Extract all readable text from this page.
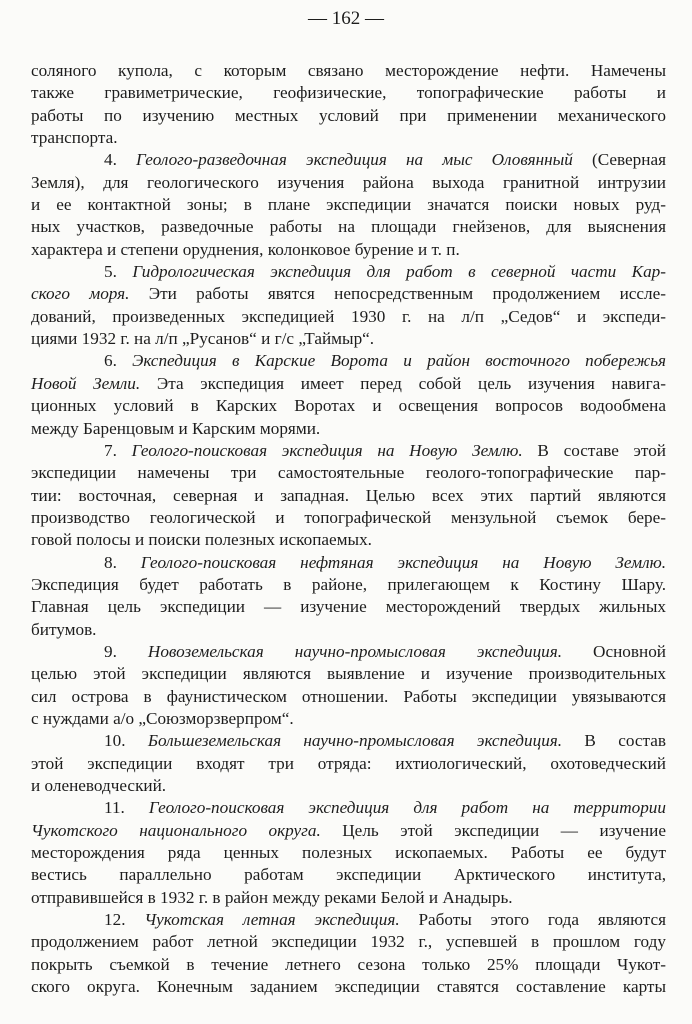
— 162 —
соляного купола, с которым связано месторождение нефти. Намечены
также гравиметрические, геофизические, топографические работы и
работы по изучению местных условий при применении механического
транспорта.
4. Геолого-разведочная экспедиция на мыс Оловянный (Северная
Земля), для геологического изучения района выхода гранитной интрузии
и ее контактной зоны; в плане экспедиции значатся поиски новых руд-
ных участков, разведочные работы на площади гнейзенов, для выяснения
характера и степени оруднения, колонковое бурение и т. п.
5. Гидрологическая экспедиция для работ в северной части Кар-
ского моря. Эти работы явятся непосредственным продолжением иссле-
дований, произведенных экспедицией 1930 г. на л/п „Седов“ и экспеди-
циями 1932 г. на л/п „Русанов“ и г/с „Таймыр“.
6. Экспедиция в Карские Ворота и район восточного побережья
Новой Земли. Эта экспедиция имеет перед собой цель изучения навига-
ционных условий в Карских Воротах и освещения вопросов водообмена
между Баренцовым и Карским морями.
7. Геолого-поисковая экспедиция на Новую Землю. В составе этой
экспедиции намечены три самостоятельные геолого-топографические пар-
тии: восточная, северная и западная. Целью всех этих партий являются
производство геологической и топографической мензульной съемок бере-
говой полосы и поиски полезных ископаемых.
8. Геолого-поисковая нефтяная экспедиция на Новую Землю.
Экспедиция будет работать в районе, прилегающем к Костину Шару.
Главная цель экспедиции — изучение месторождений твердых жильных
битумов.
9. Новоземельская научно-промысловая экспедиция. Основной
целью этой экспедиции являются выявление и изучение производительных
сил острова в фаунистическом отношении. Работы экспедиции увязываются
с нуждами а/о „Союзморзверпром“.
10. Большеземельская научно-промысловая экспедиция. В состав
этой экспедиции входят три отряда: ихтиологический, охотоведческий
и оленеводческий.
11. Геолого-поисковая экспедиция для работ на территории
Чукотского национального округа. Цель этой экспедиции — изучение
месторождения ряда ценных полезных ископаемых. Работы ее будут
вестись параллельно работам экспедиции Арктического института,
отправившейся в 1932 г. в район между реками Белой и Анадырь.
12. Чукотская летная экспедиция. Работы этого года являются
продолжением работ летной экспедиции 1932 г., успевшей в прошлом году
покрыть съемкой в течение летнего сезона только 25% площади Чукот-
ского округа. Конечным заданием экспедиции ставятся составление карты
